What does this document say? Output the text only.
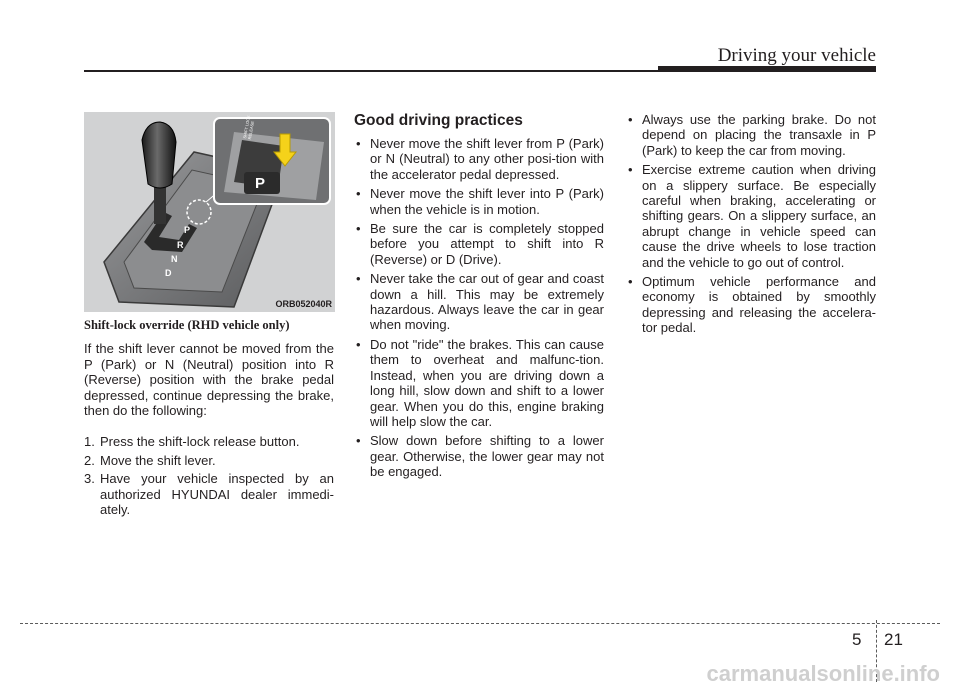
Driving your vehicle
P
R
N
D
P
SHIFT LOCK RELEASE
ORB052040R
Shift-lock override (RHD vehicle only)
If the shift lever cannot be moved from the P (Park) or N (Neutral) position into R (Reverse) position with the brake pedal depressed, continue depressing the brake, then do the following:
1. Press the shift-lock release button.
2. Move the shift lever.
3. Have your vehicle inspected by an authorized HYUNDAI dealer immedi-ately.
Good driving practices
• Never move the shift lever from P (Park) or N (Neutral) to any other posi-tion with the accelerator pedal depressed.
• Never move the shift lever into P (Park) when the vehicle is in motion.
• Be sure the car is completely stopped before you attempt to shift into R (Reverse) or D (Drive).
• Never take the car out of gear and coast down a hill. This may be extremely hazardous. Always leave the car in gear when moving.
• Do not "ride" the brakes. This can cause them to overheat and malfunc-tion. Instead, when you are driving down a long hill, slow down and shift to a lower gear. When you do this, engine braking will help slow the car.
• Slow down before shifting to a lower gear. Otherwise, the lower gear may not be engaged.
• Always use the parking brake. Do not depend on placing the transaxle in P (Park) to keep the car from moving.
• Exercise extreme caution when driving on a slippery surface. Be especially careful when braking, accelerating or shifting gears. On a slippery surface, an abrupt change in vehicle speed can cause the drive wheels to lose traction and the vehicle to go out of control.
• Optimum vehicle performance and economy is obtained by smoothly depressing and releasing the accelera-tor pedal.
5 21
carmanualsonline.info
